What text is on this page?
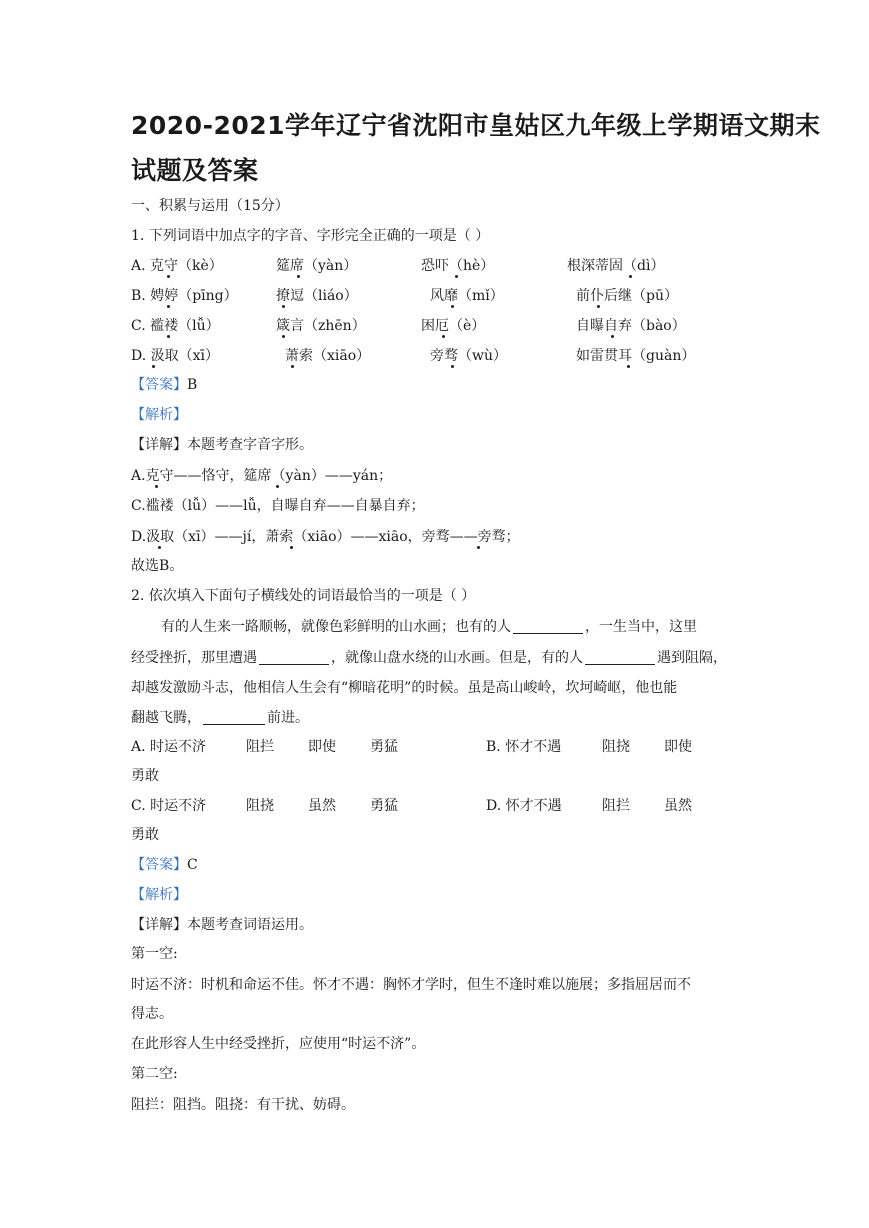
2020-2021学年辽宁省沈阳市皇姑区九年级上学期语文期末
试题及答案
一、积累与运用（15分）
1. 下列词语中加点字的字音、字形完全正确的一项是（ ）
A. 克守（kè）	筵席（yàn）	恐吓（hè）	根深蒂固（dì）
B. 娉婷（pīng）	撩逗（liáo）	风靡（mǐ）	前仆后继（pū）
C. 褴褛（lǚ）	箴言（zhēn）	困厄（è）	自曝自弃（bào）
D. 汲取（xī）	萧索（xiāo）	旁骛（wù）	如雷贯耳（guàn）
【答案】B
【解析】
【详解】本题考查字音字形。
A.克守——恪守，筵席（yàn）——yán；
C.褴褛（lǚ）——lǚ，自曝自弃——自暴自弃；
D.汲取（xī）——jí，萧索（xiāo）——xiāo，旁骛——旁骛；
故选B。
2. 依次填入下面句子横线处的词语最恰当的一项是（ ）
有的人生来一路顺畅，就像色彩鲜明的山水画；也有的人	，一生当中，这里
经受挫折，那里遭遇	，就像山盘水绕的山水画。但是，有的人	遇到阻隔，
却越发激励斗志，他相信人生会有“柳暗花明”的时候。虽是高山峻岭，坎坷崎岖，他也能
翻越飞腾，	前进。
A. 时运不济	阻拦 即使 勇猛	B. 怀才不遇	阻挠 即使
勇敢
C. 时运不济	阻挠 虽然 勇猛	D. 怀才不遇	阻拦 虽然
勇敢
【答案】C
【解析】
【详解】本题考查词语运用。
第一空:
时运不济：时机和命运不佳。怀才不遇：胸怀才学时，但生不逢时难以施展；多指屈居而不
得志。
在此形容人生中经受挫折，应使用“时运不济”。
第二空:
阻拦：阻挡。阻挠：有干扰、妨碍。
